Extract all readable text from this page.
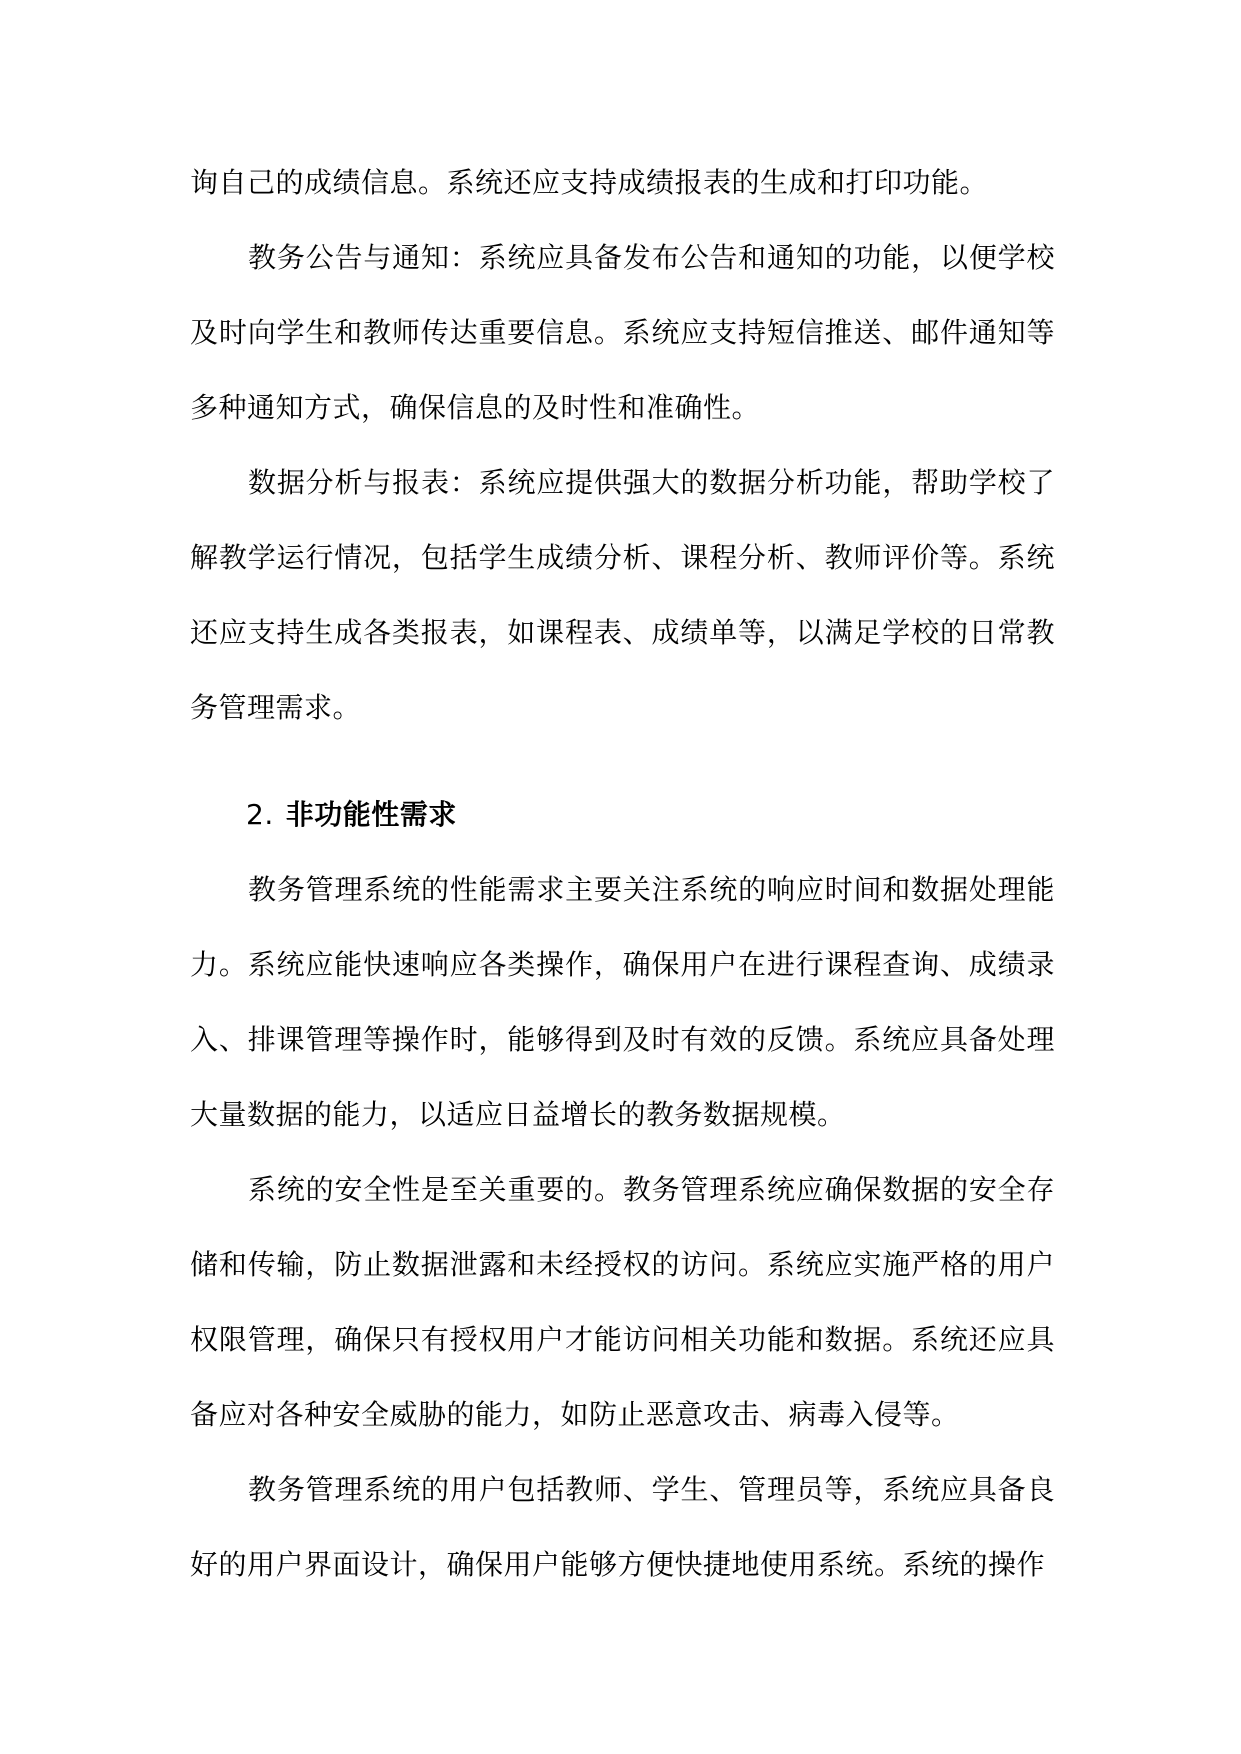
询自己的成绩信息。系统还应支持成绩报表的生成和打印功能。

教务公告与通知：系统应具备发布公告和通知的功能，以便学校及时向学生和教师传达重要信息。系统应支持短信推送、邮件通知等多种通知方式，确保信息的及时性和准确性。

数据分析与报表：系统应提供强大的数据分析功能，帮助学校了解教学运行情况，包括学生成绩分析、课程分析、教师评价等。系统还应支持生成各类报表，如课程表、成绩单等，以满足学校的日常教务管理需求。

2. 非功能性需求

教务管理系统的性能需求主要关注系统的响应时间和数据处理能力。系统应能快速响应各类操作，确保用户在进行课程查询、成绩录入、排课管理等操作时，能够得到及时有效的反馈。系统应具备处理大量数据的能力，以适应日益增长的教务数据规模。

系统的安全性是至关重要的。教务管理系统应确保数据的安全存储和传输，防止数据泄露和未经授权的访问。系统应实施严格的用户权限管理，确保只有授权用户才能访问相关功能和数据。系统还应具备应对各种安全威胁的能力，如防止恶意攻击、病毒入侵等。

教务管理系统的用户包括教师、学生、管理员等，系统应具备良好的用户界面设计，确保用户能够方便快捷地使用系统。系统的操作
